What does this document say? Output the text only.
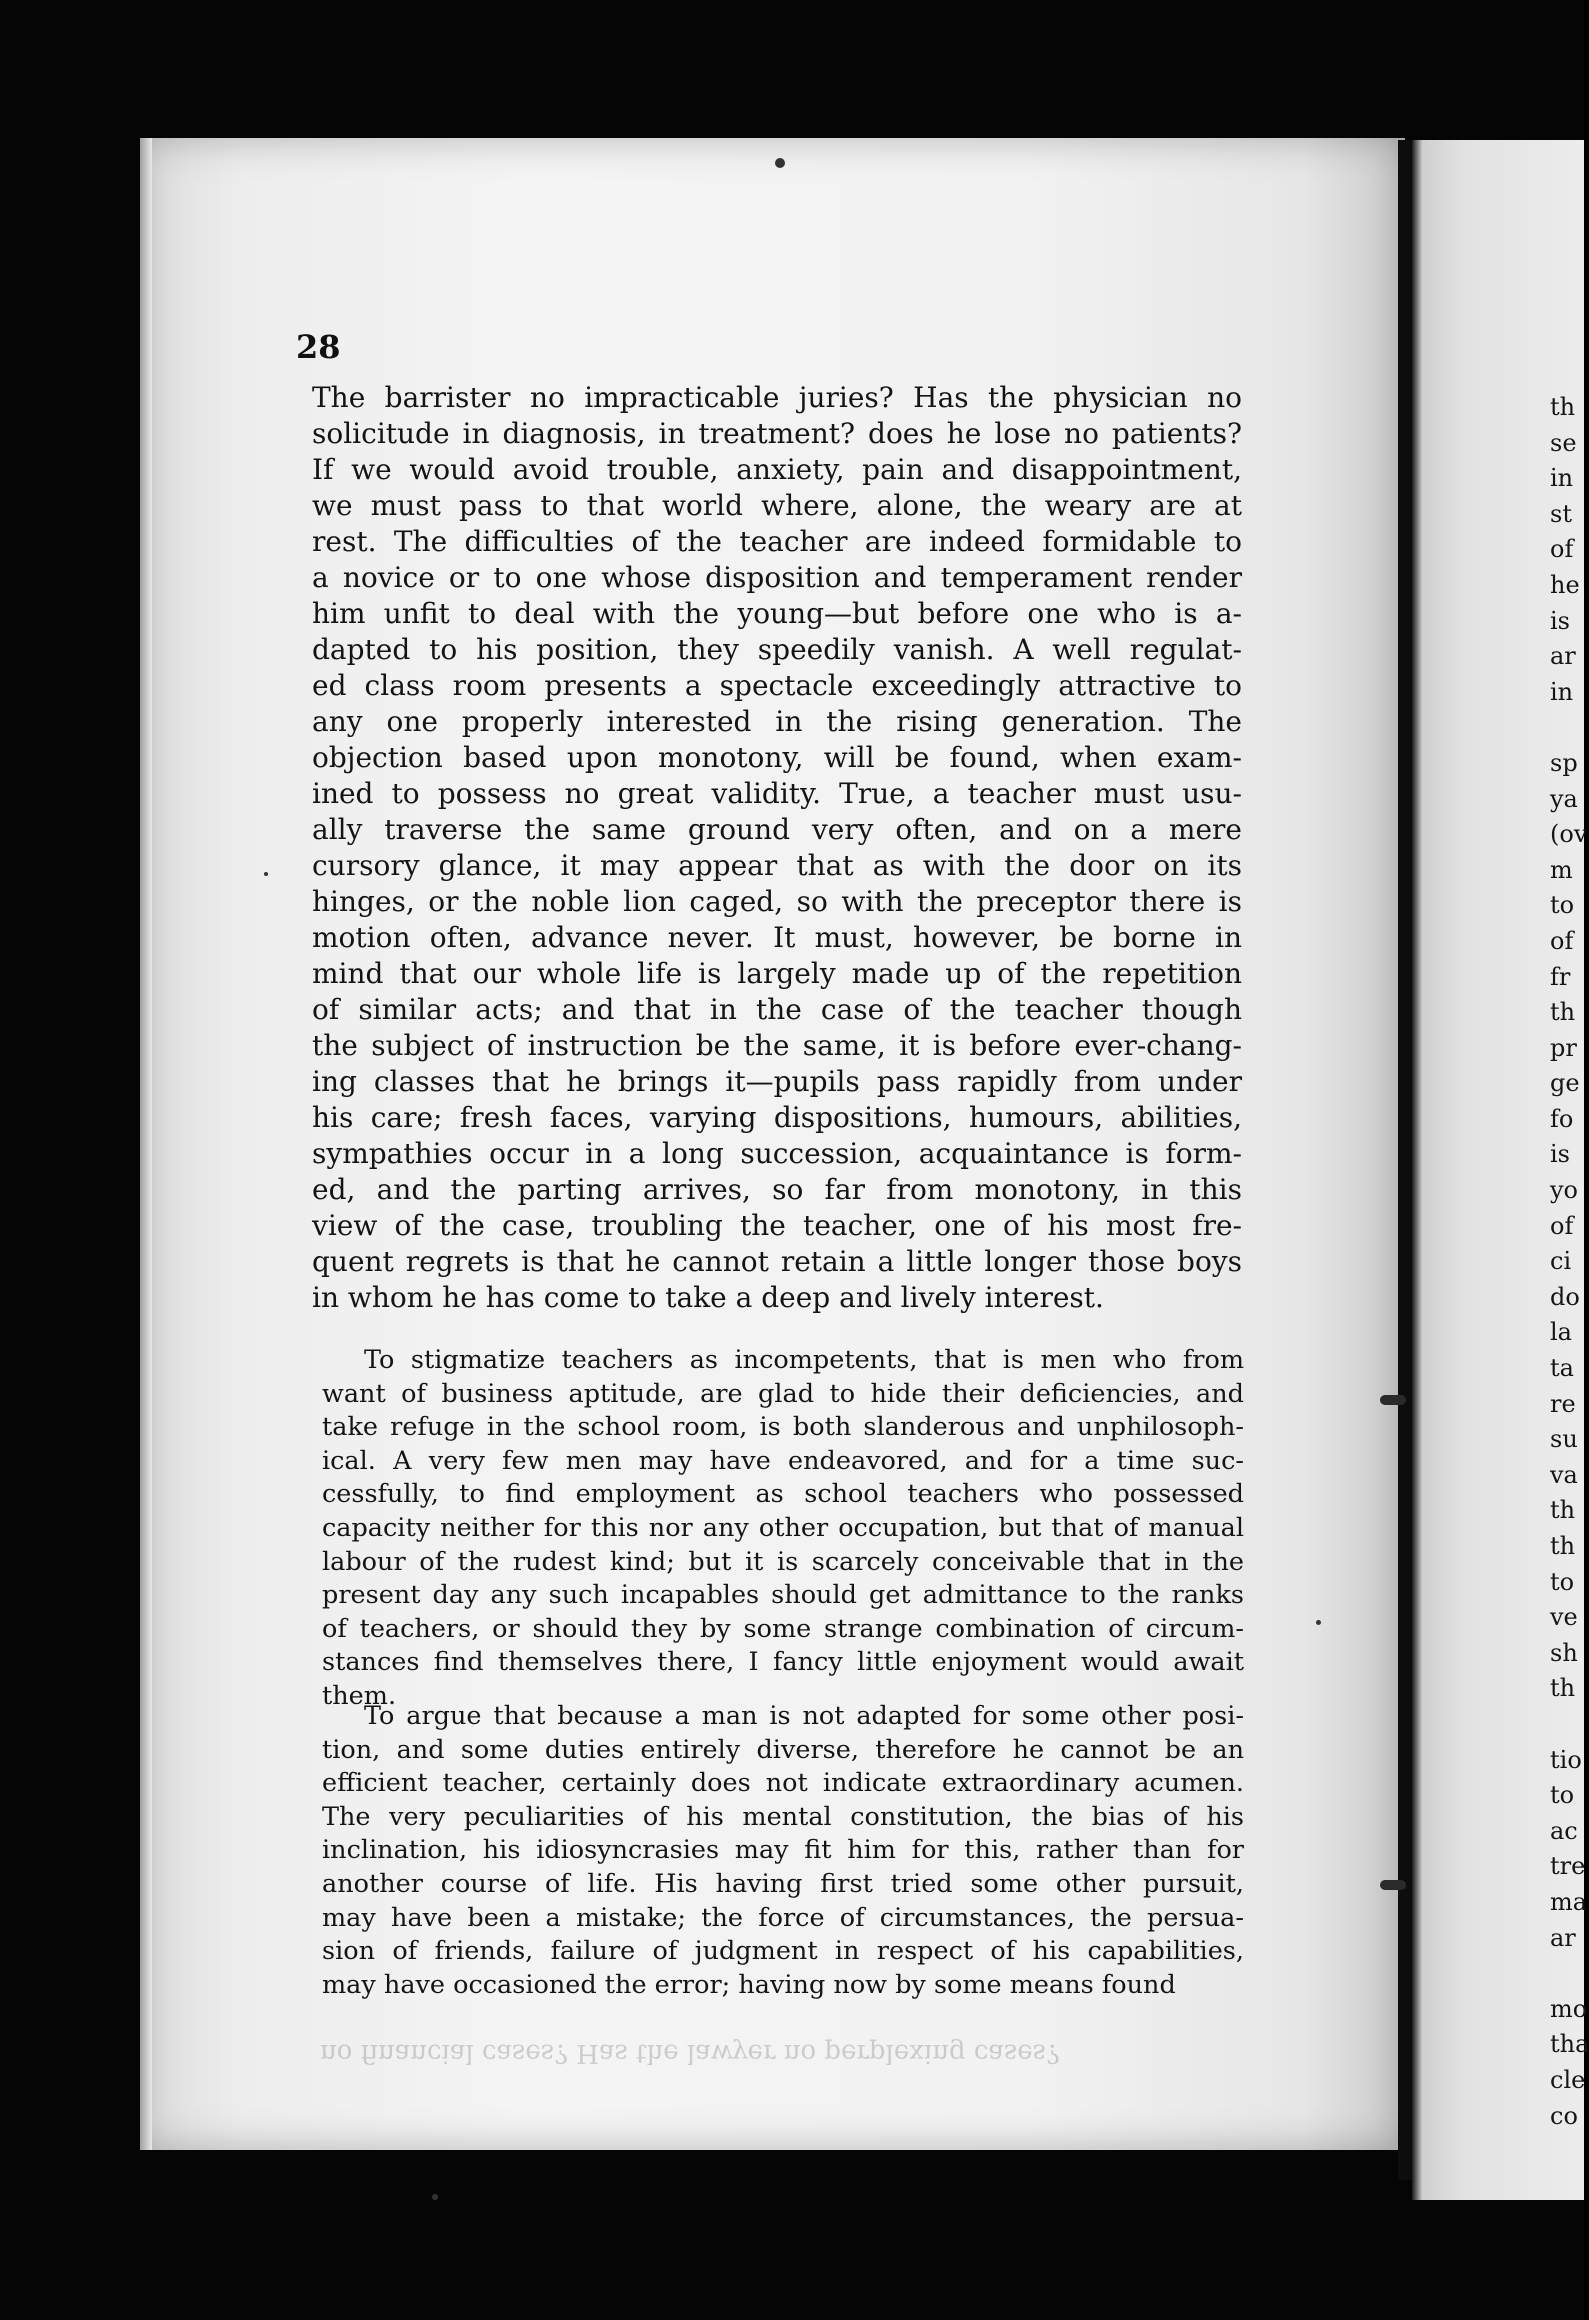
28
The barrister no impracticable juries? Has the physician no
solicitude in diagnosis, in treatment? does he lose no patients?
If we would avoid trouble, anxiety, pain and disappointment,
we must pass to that world where, alone, the weary are at
rest. The difficulties of the teacher are indeed formidable to
a novice or to one whose disposition and temperament render
him unfit to deal with the young—but before one who is a-
dapted to his position, they speedily vanish. A well regulat-
ed class room presents a spectacle exceedingly attractive to
any one properly interested in the rising generation. The
objection based upon monotony, will be found, when exam-
ined to possess no great validity. True, a teacher must usu-
ally traverse the same ground very often, and on a mere
cursory glance, it may appear that as with the door on its
hinges, or the noble lion caged, so with the preceptor there is
motion often, advance never. It must, however, be borne in
mind that our whole life is largely made up of the repetition
of similar acts; and that in the case of the teacher though
the subject of instruction be the same, it is before ever-chang-
ing classes that he brings it—pupils pass rapidly from under
his care; fresh faces, varying dispositions, humours, abilities,
sympathies occur in a long succession, acquaintance is form-
ed, and the parting arrives, so far from monotony, in this
view of the case, troubling the teacher, one of his most fre-
quent regrets is that he cannot retain a little longer those boys
in whom he has come to take a deep and lively interest.
To stigmatize teachers as incompetents, that is men who from
want of business aptitude, are glad to hide their deficiencies, and
take refuge in the school room, is both slanderous and unphilosoph-
ical. A very few men may have endeavored, and for a time suc-
cessfully, to find employment as school teachers who possessed
capacity neither for this nor any other occupation, but that of manual
labour of the rudest kind; but it is scarcely conceivable that in the
present day any such incapables should get admittance to the ranks
of teachers, or should they by some strange combination of circum-
stances find themselves there, I fancy little enjoyment would await
them.
To argue that because a man is not adapted for some other posi-
tion, and some duties entirely diverse, therefore he cannot be an
efficient teacher, certainly does not indicate extraordinary acumen.
The very peculiarities of his mental constitution, the bias of his
inclination, his idiosyncrasies may fit him for this, rather than for
another course of life. His having first tried some other pursuit,
may have been a mistake; the force of circumstances, the persua-
sion of friends, failure of judgment in respect of his capabilities,
may have occasioned the error; having now by some means found
no financial cases? Has the lawyer no perplexing cases?
th
se
in
st
of
he
is
ar
in
sp
ya
(ov
m
to
of
fr
th
pr
ge
fo
is
yo
of
ci
do
la
ta
re
su
va
th
th
to
ve
sh
th
tio
to
ac
tre
ma
ar
mo
tha
cle
co
